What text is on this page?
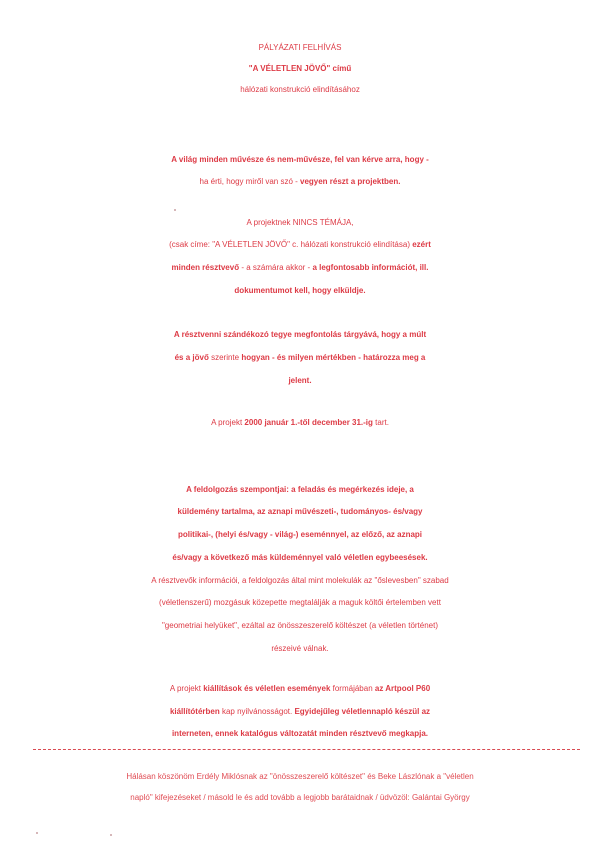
PÁLYÁZATI FELHÍVÁS
"A VÉLETLEN JÖVŐ" című
hálózati konstrukció elindításához
A világ minden művésze és nem-művésze, fel van kérve arra, hogy -
ha érti, hogy miről van szó - vegyen részt a projektben.
A projektnek NINCS TÉMÁJA,
(csak címe: "A VÉLETLEN JÖVŐ" c. hálózati konstrukció elindítása) ezért
minden résztvevő - a számára akkor - a legfontosabb információt, ill.
dokumentumot kell, hogy elküldje.
A résztvenni szándékozó tegye megfontolás tárgyává, hogy a múlt
és a jövő szerinte hogyan - és milyen mértékben - határozza meg a
jelent.
A projekt 2000 január 1.-től december 31.-ig tart.
A feldolgozás szempontjai: a feladás és megérkezés ideje, a
küldemény tartalma, az aznapi művészeti-, tudományos- és/vagy
politikai-, (helyi és/vagy - világ-) eseménnyel, az előző, az aznapi
és/vagy a következő más küldeménnyel való véletlen egybeesések.
A résztvevők információi, a feldolgozás által mint molekulák az "őslevesben" szabad
(véletlenszerű) mozgásuk közepette megtalálják a maguk költői értelemben vett
"geometriai helyüket", ezáltal az önösszeszerelő költészet (a véletlen történet)
részeivé válnak.
A projekt kiállítások és véletlen események formájában az Artpool P60
kiállítótérben kap nyilvánosságot. Egyidejűleg véletlennapló készül az
interneten, ennek katalógus változatát minden résztvevő megkapja.
Hálásan köszönöm Erdély Miklósnak az "önösszeszerelő költészet" és Beke Lászlónak a "véletlen
napló" kifejezéseket / másold le és add tovább a legjobb barátaidnak / üdvözöl: Galántai György
